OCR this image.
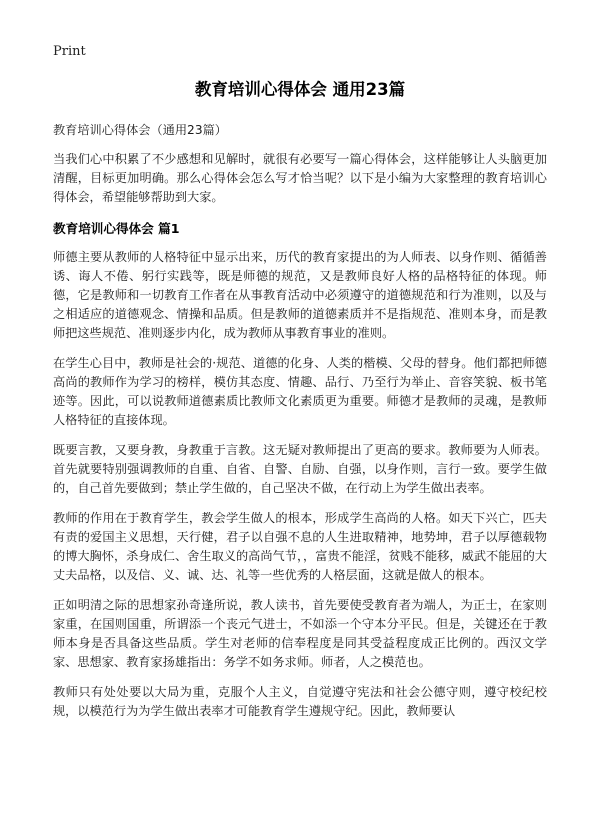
Print
教育培训心得体会 通用23篇

教育培训心得体会（通用23篇）

当我们心中积累了不少感想和见解时，就很有必要写一篇心得体会，这样能够让人头脑更加清醒，目标更加明确。那么心得体会怎么写才恰当呢？以下是小编为大家整理的教育培训心得体会，希望能够帮助到大家。

教育培训心得体会 篇1

师德主要从教师的人格特征中显示出来，历代的教育家提出的为人师表、以身作则、循循善诱、诲人不倦、躬行实践等，既是师德的规范，又是教师良好人格的品格特征的体现。师德，它是教师和一切教育工作者在从事教育活动中必须遵守的道德规范和行为准则，以及与之相适应的道德观念、情操和品质。但是教师的道德素质并不是指规范、准则本身，而是教师把这些规范、准则逐步内化，成为教师从事教育事业的准则。

在学生心目中，教师是社会的·规范、道德的化身、人类的楷模、父母的替身。他们都把师德高尚的教师作为学习的榜样，模仿其态度、情趣、品行、乃至行为举止、音容笑貌、板书笔迹等。因此，可以说教师道德素质比教师文化素质更为重要。师德才是教师的灵魂，是教师人格特征的直接体现。

既要言教，又要身教，身教重于言教。这无疑对教师提出了更高的要求。教师要为人师表。首先就要特别强调教师的自重、自省、自警、自励、自强，以身作则，言行一致。要学生做的，自己首先要做到；禁止学生做的，自己坚决不做，在行动上为学生做出表率。

教师的作用在于教育学生，教会学生做人的根本，形成学生高尚的人格。如天下兴亡，匹夫有责的爱国主义思想，天行健，君子以自强不息的人生进取精神，地势坤，君子以厚德载物的博大胸怀，杀身成仁、舍生取义的高尚气节，，富贵不能淫，贫贱不能移，威武不能屈的大丈夫品格，以及信、义、诚、达、礼等一些优秀的人格层面，这就是做人的根本。

正如明清之际的思想家孙奇逢所说，教人读书，首先要使受教育者为端人，为正士，在家则家重，在国则国重，所谓添一个丧元气进士，不如添一个守本分平民。但是，关键还在于教师本身是否具备这些品质。学生对老师的信奉程度是同其受益程度成正比例的。西汉文学家、思想家、教育家扬雄指出：务学不如务求师。师者，人之模范也。

教师只有处处要以大局为重，克服个人主义，自觉遵守宪法和社会公德守则，遵守校纪校规，以模范行为为学生做出表率才可能教育学生遵规守纪。因此，教师要认
